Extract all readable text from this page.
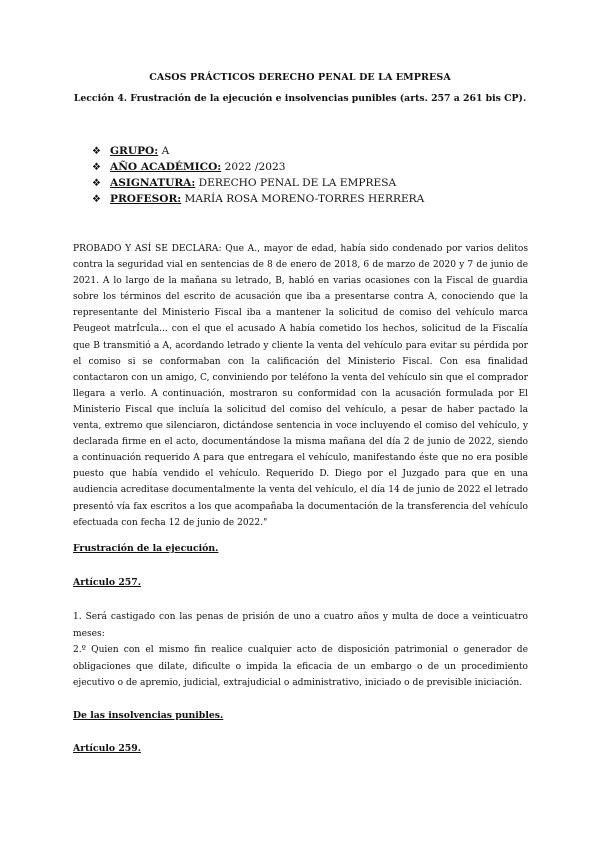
CASOS PRÁCTICOS DERECHO PENAL DE LA EMPRESA
Lección 4. Frustración de la ejecución e insolvencias punibles (arts. 257 a 261 bis CP).
❖ GRUPO: A
❖ AÑO ACADÉMICO: 2022 /2023
❖ ASIGNATURA: DERECHO PENAL DE LA EMPRESA
❖ PROFESOR: MARÍA ROSA MORENO-TORRES HERRERA

PROBADO Y ASÍ SE DECLARA: Que A., mayor de edad, había sido condenado por varios delitos contra la seguridad vial en sentencias de 8 de enero de 2018, 6 de marzo de 2020 y 7 de junio de 2021. A lo largo de la mañana su letrado, B, habló en varias ocasiones con la Fiscal de guardia sobre los términos del escrito de acusación que iba a presentarse contra A, conociendo que la representante del Ministerio Fiscal iba a mantener la solicitud de comiso del vehículo marca Peugeot matrÍcula... con el que el acusado A había cometido los hechos, solicitud de la Fiscalía que B transmitió a A, acordando letrado y cliente la venta del vehículo para evitar su pérdida por el comiso si se conformaban con la calificación del Ministerio Fiscal. Con esa finalidad contactaron con un amigo, C, conviniendo por teléfono la venta del vehículo sin que el comprador llegara a verlo. A continuación, mostraron su conformidad con la acusación formulada por El Ministerio Fiscal que incluía la solicitud del comiso del vehículo, a pesar de haber pactado la venta, extremo que silenciaron, dictándose sentencia in voce incluyendo el comiso del vehículo, y declarada firme en el acto, documentándose la misma mañana del día 2 de junio de 2022, siendo a continuación requerido A para que entregara el vehículo, manifestando éste que no era posible puesto que había vendido el vehículo. Requerido D. Diego por el Juzgado para que en una audiencia acreditase documentalmente la venta del vehículo, el día 14 de junio de 2022 el letrado presentó vía fax escritos a los que acompañaba la documentación de la transferencia del vehículo efectuada con fecha 12 de junio de 2022."

Frustración de la ejecución.
Artículo 257.

1. Será castigado con las penas de prisión de uno a cuatro años y multa de doce a veinticuatro meses:

2.º Quien con el mismo fin realice cualquier acto de disposición patrimonial o generador de obligaciones que dilate, dificulte o impida la eficacia de un embargo o de un procedimiento ejecutivo o de apremio, judicial, extrajudicial o administrativo, iniciado o de previsible iniciación.

De las insolvencias punibles.
Artículo 259.
